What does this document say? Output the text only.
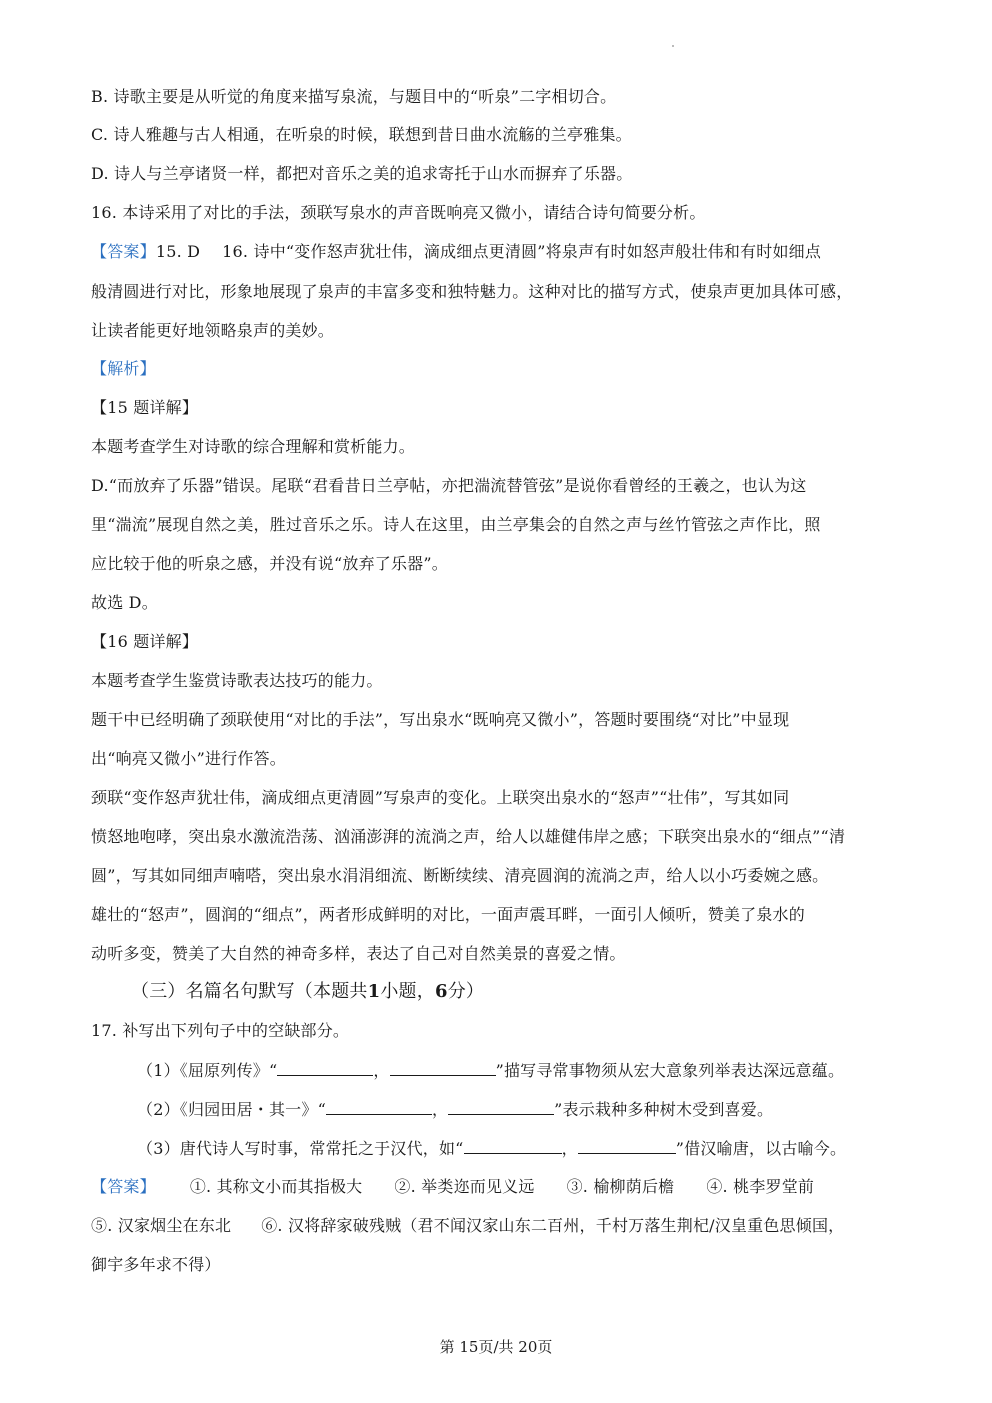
B. 诗歌主要是从听觉的角度来描写泉流，与题目中的“听泉”二字相切合。
C. 诗人雅趣与古人相通，在听泉的时候，联想到昔日曲水流觞的兰亭雅集。
D. 诗人与兰亭诸贤一样，都把对音乐之美的追求寄托于山水而摒弃了乐器。
16. 本诗采用了对比的手法，颈联写泉水的声音既响亮又微小，请结合诗句简要分析。
【答案】15. D 16. 诗中“变作怒声犹壮伟，滴成细点更清圆”将泉声有时如怒声般壮伟和有时如细点
般清圆进行对比，形象地展现了泉声的丰富多变和独特魅力。这种对比的描写方式，使泉声更加具体可感，
让读者能更好地领略泉声的美妙。
【解析】
【15 题详解】
本题考查学生对诗歌的综合理解和赏析能力。
D.“而放弃了乐器”错误。尾联“君看昔日兰亭帖，亦把湍流替管弦”是说你看曾经的王羲之，也认为这
里“湍流”展现自然之美，胜过音乐之乐。诗人在这里，由兰亭集会的自然之声与丝竹管弦之声作比，照
应比较于他的听泉之感，并没有说“放弃了乐器”。
故选 D。
【16 题详解】
本题考查学生鉴赏诗歌表达技巧的能力。
题干中已经明确了颈联使用“对比的手法”，写出泉水“既响亮又微小”，答题时要围绕“对比”中显现
出“响亮又微小”进行作答。
颈联“变作怒声犹壮伟，滴成细点更清圆”写泉声的变化。上联突出泉水的“怒声”“壮伟”，写其如同
愤怒地咆哮，突出泉水激流浩荡、汹涌澎湃的流淌之声，给人以雄健伟岸之感；下联突出泉水的“细点”“清
圆”，写其如同细声喃嗒，突出泉水涓涓细流、断断续续、清亮圆润的流淌之声，给人以小巧委婉之感。
雄壮的“怒声”，圆润的“细点”，两者形成鲜明的对比，一面声震耳畔，一面引人倾听，赞美了泉水的
动听多变，赞美了大自然的神奇多样，表达了自己对自然美景的喜爱之情。
（三）名篇名句默写（本题共1小题，6分）
17. 补写出下列句子中的空缺部分。
（1）《屈原列传》“	，	”描写寻常事物须从宏大意象列举表达深远意蕴。
（2）《归园田居・其一》“	，	”表示栽种多种树木受到喜爱。
（3）唐代诗人写时事，常常托之于汉代，如“	，	”借汉喻唐，以古喻今。
【答案】 ①. 其称文小而其指极大 ②. 举类迩而见义远 ③. 榆柳荫后檐 ④. 桃李罗堂前
⑤. 汉家烟尘在东北 ⑥. 汉将辞家破残贼（君不闻汉家山东二百州，千村万落生荆杞/汉皇重色思倾国，
御宇多年求不得）
第 15页/共 20页
